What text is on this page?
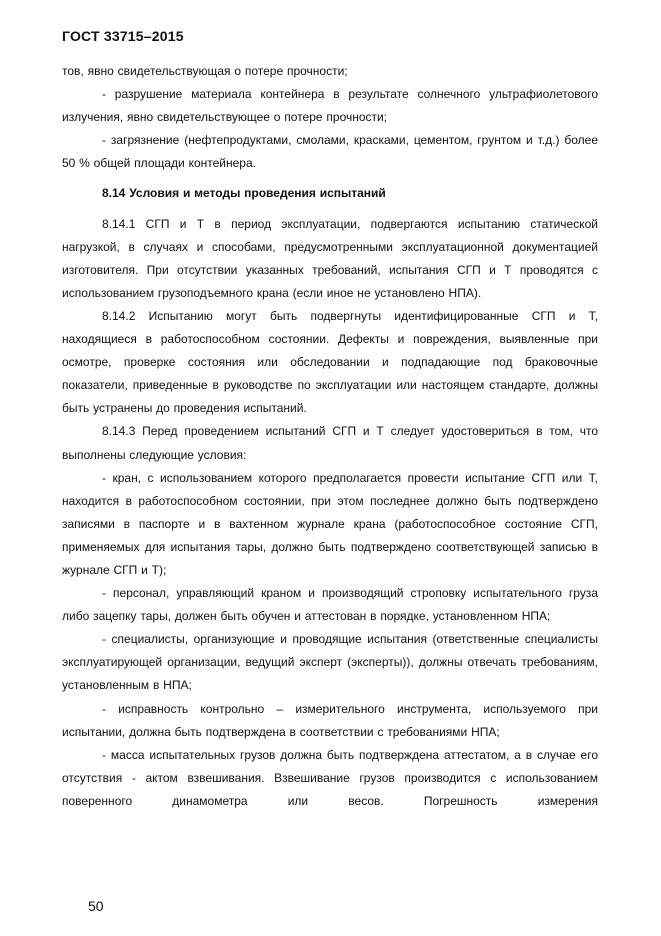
ГОСТ 33715–2015

тов, явно свидетельствующая о потере прочности;

- разрушение материала контейнера в результате солнечного ультрафиолетового излучения, явно свидетельствующее о потере прочности;

- загрязнение (нефтепродуктами, смолами, красками, цементом, грунтом и т.д.) более 50 % общей площади контейнера.

8.14 Условия и методы проведения испытаний

8.14.1 СГП и Т в период эксплуатации, подвергаются испытанию статической нагрузкой, в случаях и способами, предусмотренными эксплуатационной документацией изготовителя. При отсутствии указанных требований, испытания СГП и Т проводятся с использованием грузоподъемного крана (если иное не установлено НПА).

8.14.2 Испытанию могут быть подвергнуты идентифицированные СГП и Т, находящиеся в работоспособном состоянии. Дефекты и повреждения, выявленные при осмотре, проверке состояния или обследовании и подпадающие под браковочные показатели, приведенные в руководстве по эксплуатации или настоящем стандарте, должны быть устранены до проведения испытаний.

8.14.3 Перед проведением испытаний СГП и Т следует удостовериться в том, что выполнены следующие условия:

- кран, с использованием которого предполагается провести испытание СГП или Т, находится в работоспособном состоянии, при этом последнее должно быть подтверждено записями в паспорте и в вахтенном журнале крана (работоспособное состояние СГП, применяемых для испытания тары, должно быть подтверждено соответствующей записью в журнале СГП и Т);

- персонал, управляющий краном и производящий строповку испытательного груза либо зацепку тары, должен быть обучен и аттестован в порядке, установленном НПА;

- специалисты, организующие и проводящие испытания (ответственные специалисты эксплуатирующей организации, ведущий эксперт (эксперты)), должны отвечать требованиям, установленным в НПА;

- исправность контрольно – измерительного инструмента, используемого при испытании, должна быть подтверждена в соответствии с требованиями НПА;

- масса испытательных грузов должна быть подтверждена аттестатом, а в случае его отсутствия - актом взвешивания. Взвешивание грузов производится с использованием поверенного динамометра или весов. Погрешность измерения

50
